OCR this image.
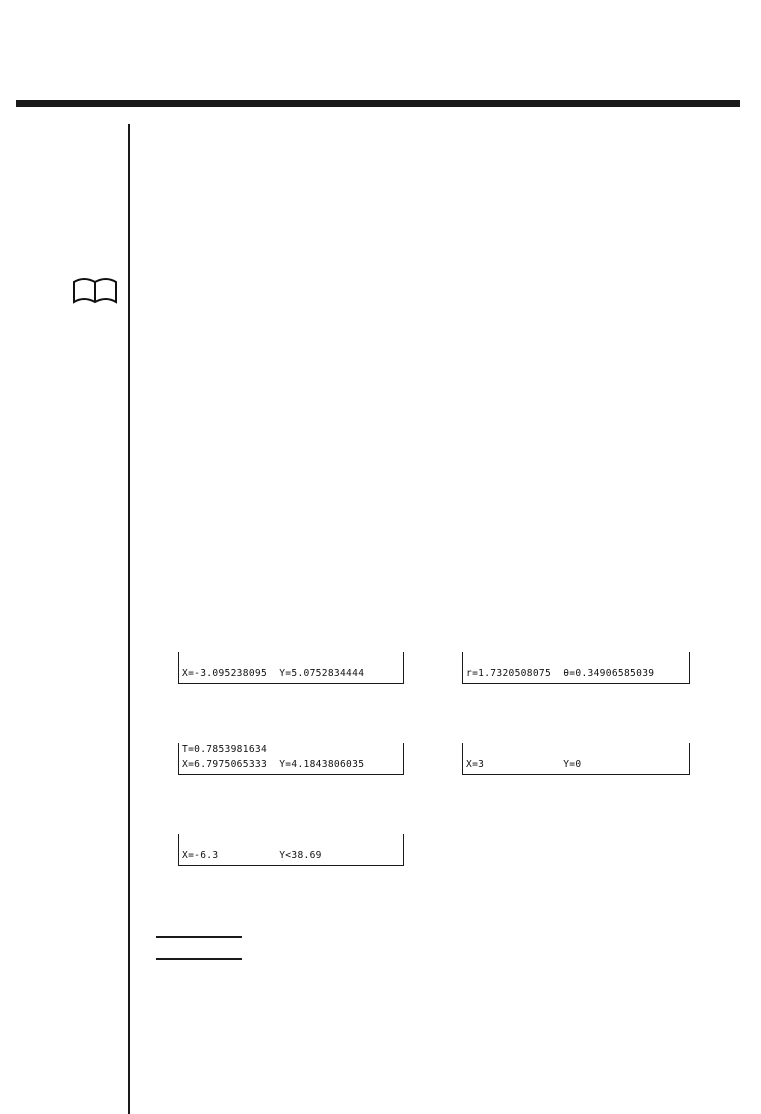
X=-3.095238095  Y=5.0752834444	r=1.7320508075  θ=0.34906585039
T=0.7853981634
X=6.7975065333  Y=4.1843806035	X=3             Y=0
X=-6.3          Y<38.69
